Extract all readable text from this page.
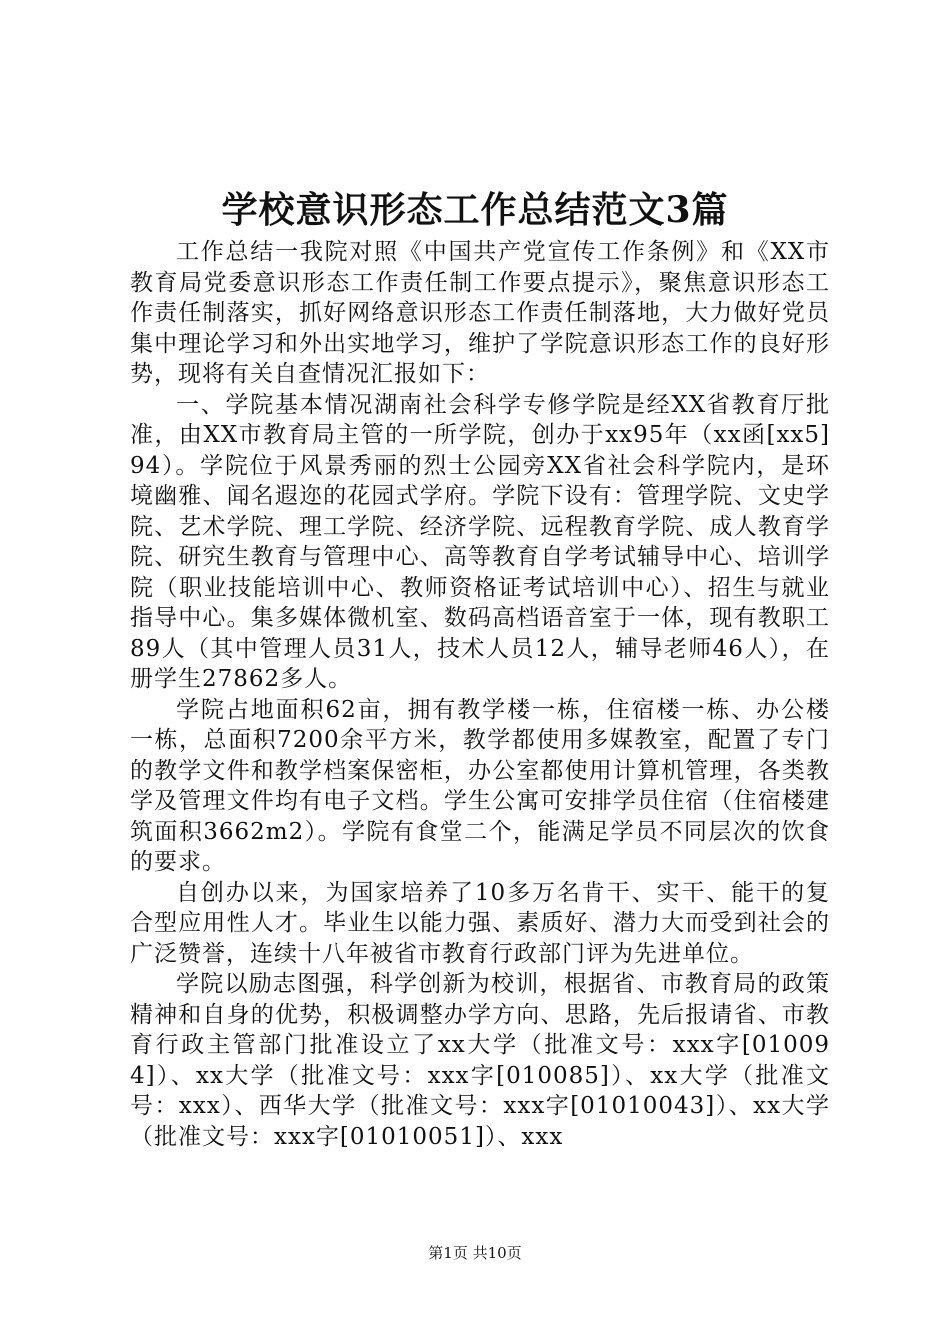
学校意识形态工作总结范文3篇

工作总结一我院对照《中国共产党宣传工作条例》和《XX市教育局党委意识形态工作责任制工作要点提示》，聚焦意识形态工作责任制落实，抓好网络意识形态工作责任制落地，大力做好党员集中理论学习和外出实地学习，维护了学院意识形态工作的良好形势，现将有关自查情况汇报如下：

一、学院基本情况湖南社会科学专修学院是经XX省教育厅批准，由XX市教育局主管的一所学院，创办于xx95年（xx函[xx5]94）。学院位于风景秀丽的烈士公园旁XX省社会科学院内，是环境幽雅、闻名遐迩的花园式学府。学院下设有：管理学院、文史学院、艺术学院、理工学院、经济学院、远程教育学院、成人教育学院、研究生教育与管理中心、高等教育自学考试辅导中心、培训学院（职业技能培训中心、教师资格证考试培训中心）、招生与就业指导中心。集多媒体微机室、数码高档语音室于一体，现有教职工89人（其中管理人员31人，技术人员12人，辅导老师46人），在册学生27862多人。

学院占地面积62亩，拥有教学楼一栋，住宿楼一栋、办公楼一栋，总面积7200余平方米，教学都使用多媒教室，配置了专门的教学文件和教学档案保密柜，办公室都使用计算机管理，各类教学及管理文件均有电子文档。学生公寓可安排学员住宿（住宿楼建筑面积3662m2）。学院有食堂二个，能满足学员不同层次的饮食的要求。

自创办以来，为国家培养了10多万名肯干、实干、能干的复合型应用性人才。毕业生以能力强、素质好、潜力大而受到社会的广泛赞誉，连续十八年被省市教育行政部门评为先进单位。

学院以励志图强，科学创新为校训，根据省、市教育局的政策精神和自身的优势，积极调整办学方向、思路，先后报请省、市教育行政主管部门批准设立了xx大学（批准文号：xxx字[010094]）、xx大学（批准文号：xxx字[010085]）、xx大学（批准文号：xxx）、西华大学（批准文号：xxx字[01010043]）、xx大学（批准文号：xxx字[01010051]）、xxx

第1页 共10页
